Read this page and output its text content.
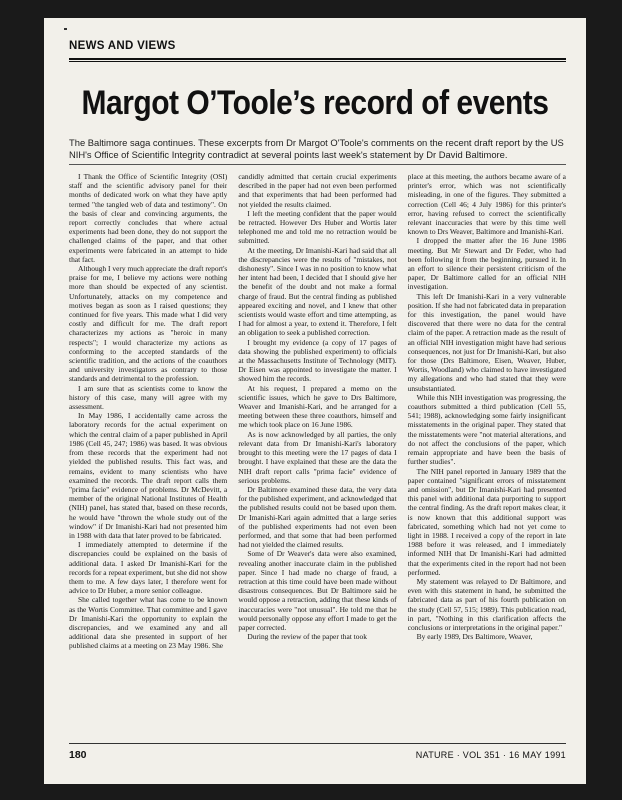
NEWS AND VIEWS
Margot O’Toole’s record of events
The Baltimore saga continues. These excerpts from Dr Margot O'Toole's comments on the recent draft report by the US NIH's Office of Scientific Integrity contradict at several points last week's statement by Dr David Baltimore.

I Thank the Office of Scientific Integrity (OSI) staff and the scientific advisory panel for their months of dedicated work on what they have aptly termed "the tangled web of data and testimony". On the basis of clear and convincing arguments, the report correctly concludes that where actual experiments had been done, they do not support the challenged claims of the paper, and that other experiments were fabricated in an attempt to hide that fact.

Although I very much appreciate the draft report's praise for me, I believe my actions were nothing more than should be expected of any scientist. Unfortunately, attacks on my competence and motives began as soon as I raised questions; they continued for five years. This made what I did very costly and difficult for me. The draft report characterizes my actions as "heroic in many respects"; I would characterize my actions as conforming to the accepted standards of the scientific tradition, and the actions of the coauthors and university investigators as contrary to those standards and detrimental to the profession.

I am sure that as scientists come to know the history of this case, many will agree with my assessment.

In May 1986, I accidentally came across the laboratory records for the actual experiment on which the central claim of a paper published in April 1986 (Cell 45, 247; 1986) was based. It was obvious from these records that the experiment had not yielded the published results. This fact was, and remains, evident to many scientists who have examined the records. The draft report calls them "prima facie" evidence of problems. Dr McDevitt, a member of the original National Institutes of Health (NIH) panel, has stated that, based on these records, he would have "thrown the whole study out of the window" if Dr Imanishi-Kari had not presented him in 1988 with data that later proved to be fabricated.

I immediately attempted to determine if the discrepancies could be explained on the basis of additional data. I asked Dr Imanishi-Kari for the records for a repeat experiment, but she did not show them to me. A few days later, I therefore went for advice to Dr Huber, a more senior colleague.

She called together what has come to be known as the Wortis Committee. That committee and I gave Dr Imanishi-Kari the opportunity to explain the discrepancies, and we examined any and all additional data she presented in support of her published claims at a meeting on 23 May 1986. She

candidly admitted that certain crucial experiments described in the paper had not even been performed and that experiments that had been performed had not yielded the results claimed.

I left the meeting confident that the paper would be retracted. However Drs Huber and Wortis later telephoned me and told me no retraction would be submitted.

At the meeting, Dr Imanishi-Kari had said that all the discrepancies were the results of "mistakes, not dishonesty". Since I was in no position to know what her intent had been, I decided that I should give her the benefit of the doubt and not make a formal charge of fraud. But the central finding as published appeared exciting and novel, and I knew that other scientists would waste effort and time attempting, as I had for almost a year, to extend it. Therefore, I felt an obligation to seek a published correction.

I brought my evidence (a copy of 17 pages of data showing the published experiment) to officials at the Massachusetts Institute of Technology (MIT). Dr Eisen was appointed to investigate the matter. I showed him the records.

At his request, I prepared a memo on the scientific issues, which he gave to Drs Baltimore, Weaver and Imanishi-Kari, and he arranged for a meeting between these three coauthors, himself and me which took place on 16 June 1986.

As is now acknowledged by all parties, the only relevant data from Dr Imanishi-Kari's laboratory brought to this meeting were the 17 pages of data I brought. I have explained that these are the data the NIH draft report calls "prima facie" evidence of serious problems.

Dr Baltimore examined these data, the very data for the published experiment, and acknowledged that the published results could not be based upon them. Dr Imanishi-Kari again admitted that a large series of the published experiments had not even been performed, and that some that had been performed had not yielded the claimed results.

Some of Dr Weaver's data were also examined, revealing another inaccurate claim in the published paper. Since I had made no charge of fraud, a retraction at this time could have been made without disastrous consequences. But Dr Baltimore said he would oppose a retraction, adding that these kinds of inaccuracies were "not unusual". He told me that he would personally oppose any effort I made to get the paper corrected.

During the review of the paper that took

place at this meeting, the authors became aware of a printer's error, which was not scientifically misleading, in one of the figures. They submitted a correction (Cell 46; 4 July 1986) for this printer's error, having refused to correct the scientifically relevant inaccuracies that were by this time well known to Drs Weaver, Baltimore and Imanishi-Kari.

I dropped the matter after the 16 June 1986 meeting. But Mr Stewart and Dr Feder, who had been following it from the beginning, pursued it. In an effort to silence their persistent criticism of the paper, Dr Baltimore called for an official NIH investigation.

This left Dr Imanishi-Kari in a very vulnerable position. If she had not fabricated data in preparation for this investigation, the panel would have discovered that there were no data for the central claim of the paper. A retraction made as the result of an official NIH investigation might have had serious consequences, not just for Dr Imanishi-Kari, but also for those (Drs Baltimore, Eisen, Weaver, Huber, Wortis, Woodland) who claimed to have investigated my allegations and who had stated that they were unsubstantiated.

While this NIH investigation was progressing, the coauthors submitted a third publication (Cell 55, 541; 1988), acknowledging some fairly insignificant misstatements in the original paper. They stated that the misstatements were "not material alterations, and do not affect the conclusions of the paper, which remain appropriate and have been the basis of further studies".

The NIH panel reported in January 1989 that the paper contained "significant errors of misstatement and omission", but Dr Imanishi-Kari had presented this panel with additional data purporting to support the central finding. As the draft report makes clear, it is now known that this additional support was fabricated, something which had not yet come to light in 1988. I received a copy of the report in late 1988 before it was released, and I immediately informed NIH that Dr Imanishi-Kari had admitted that the experiments cited in the report had not been performed.

My statement was relayed to Dr Baltimore, and even with this statement in hand, he submitted the fabricated data as part of his fourth publication on the study (Cell 57, 515; 1989). This publication read, in part, "Nothing in this clarification affects the conclusions or interpretations in the original paper."

By early 1989, Drs Baltimore, Weaver,

180	NATURE · VOL 351 · 16 MAY 1991
